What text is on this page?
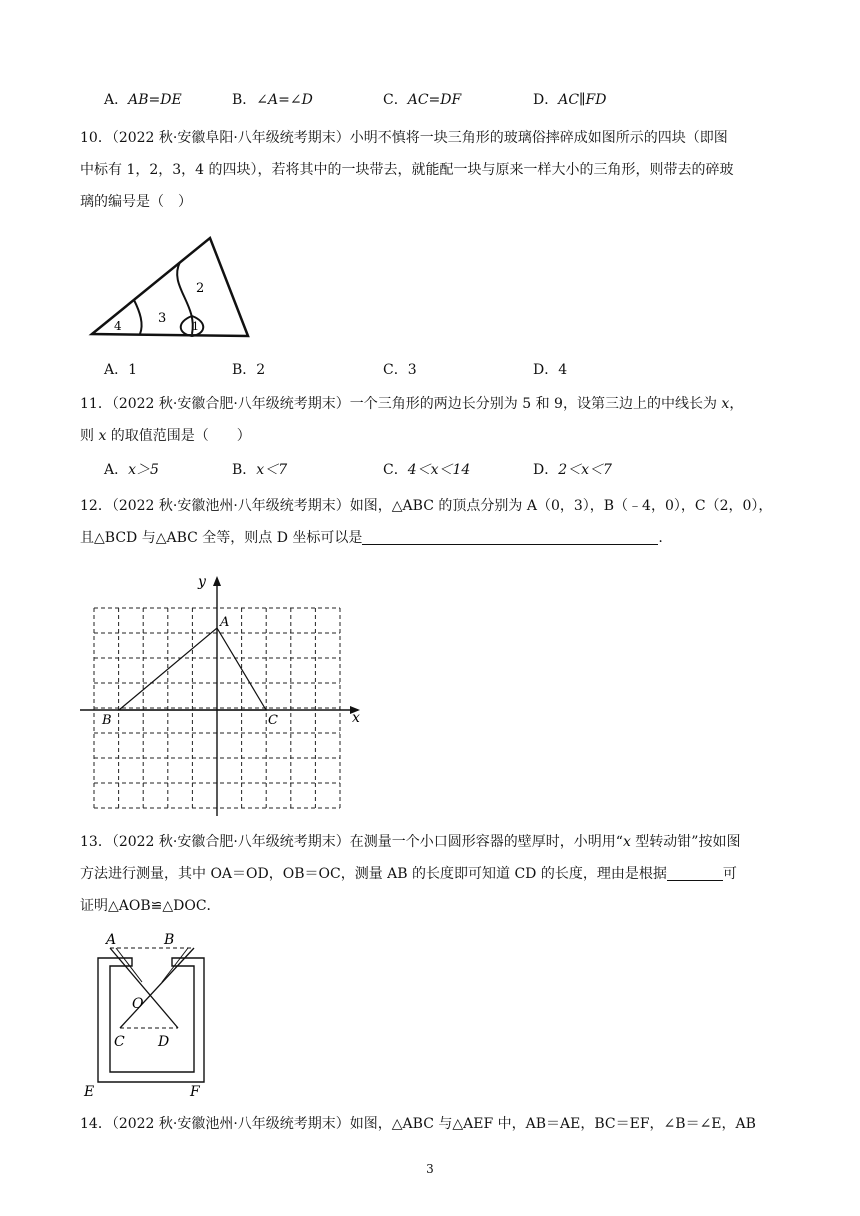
A．AB=DE	B．∠A=∠D	C．AC=DF	D．AC∥FD
10．（2022 秋·安徽阜阳·八年级统考期末）小明不慎将一块三角形的玻璃俗摔碎成如图所示的四块（即图
中标有 1，2，3，4 的四块），若将其中的一块带去，就能配一块与原来一样大小的三角形，则带去的碎玻
璃的编号是（　）
2
3
4	1
A．1	B．2	C．3	D．4
11．（2022 秋·安徽合肥·八年级统考期末）一个三角形的两边长分别为 5 和 9，设第三边上的中线长为 x，
则 x 的取值范围是（　　）
A．x＞5	B．x＜7	C．4＜x＜14	D．2＜x＜7
12．（2022 秋·安徽池州·八年级统考期末）如图，△ABC 的顶点分别为 A（0，3），B（﹣4，0），C（2，0），
且△BCD 与△ABC 全等，则点 D 坐标可以是	.
y
x
A
B	C
13．（2022 秋·安徽合肥·八年级统考期末）在测量一个小口圆形容器的壁厚时，小明用“x 型转动钳”按如图
方法进行测量，其中 OA＝OD，OB＝OC，测量 AB 的长度即可知道 CD 的长度，理由是根据	可
证明△AOB≌△DOC．
A	B
O
C D
E	F
14．（2022 秋·安徽池州·八年级统考期末）如图，△ABC 与△AEF 中，AB＝AE，BC＝EF，∠B＝∠E，AB
3
